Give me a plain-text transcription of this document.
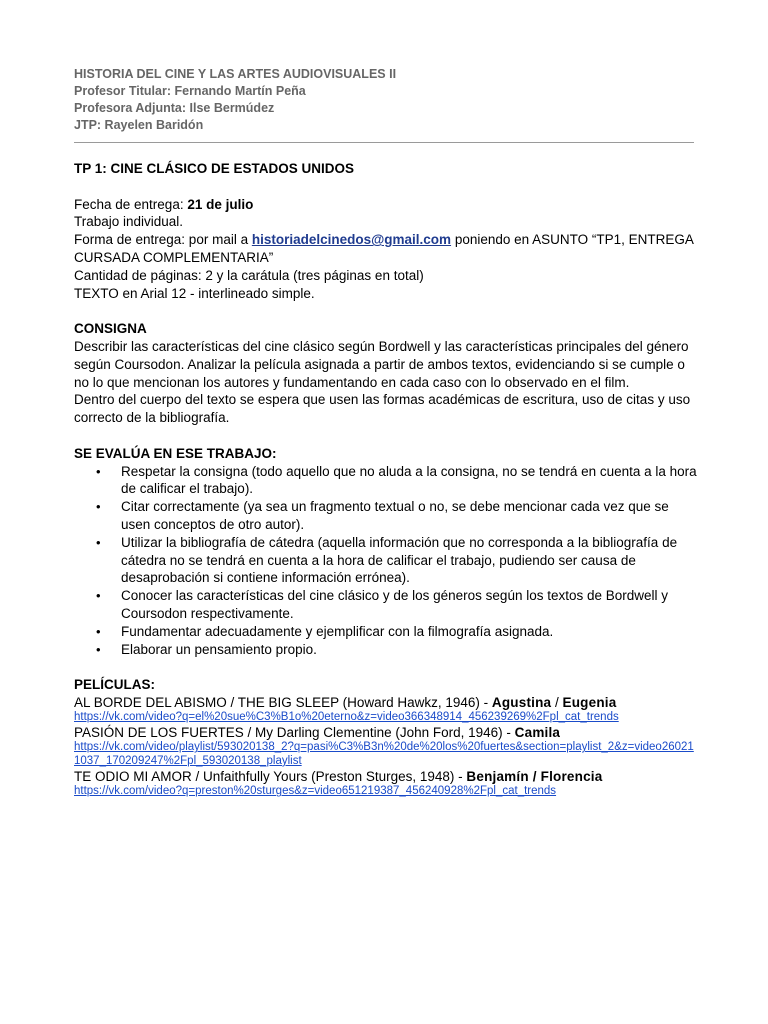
HISTORIA DEL CINE Y LAS ARTES AUDIOVISUALES II
Profesor Titular: Fernando Martín Peña
Profesora Adjunta: Ilse Bermúdez
JTP: Rayelen Baridón

TP 1: CINE CLÁSICO DE ESTADOS UNIDOS

Fecha de entrega: 21 de julio

Trabajo individual.

Forma de entrega: por mail a historiadelcinedos@gmail.com poniendo en ASUNTO “TP1, ENTREGA CURSADA COMPLEMENTARIA”

Cantidad de páginas: 2 y la carátula (tres páginas en total)

TEXTO en Arial 12 - interlineado simple.

CONSIGNA

Describir las características del cine clásico según Bordwell y las características principales del género según Coursodon. Analizar la película asignada a partir de ambos textos, evidenciando si se cumple o no lo que mencionan los autores y fundamentando en cada caso con lo observado en el film.

Dentro del cuerpo del texto se espera que usen las formas académicas de escritura, uso de citas y uso correcto de la bibliografía.

SE EVALÚA EN ESE TRABAJO:

• Respetar la consigna (todo aquello que no aluda a la consigna, no se tendrá en cuenta a la hora de calificar el trabajo).
• Citar correctamente (ya sea un fragmento textual o no, se debe mencionar cada vez que se usen conceptos de otro autor).
• Utilizar la bibliografía de cátedra (aquella información que no corresponda a la bibliografía de cátedra no se tendrá en cuenta a la hora de calificar el trabajo, pudiendo ser causa de desaprobación si contiene información errónea).
• Conocer las características del cine clásico y de los géneros según los textos de Bordwell y Coursodon respectivamente.
• Fundamentar adecuadamente y ejemplificar con la filmografía asignada.
• Elaborar un pensamiento propio.

PELÍCULAS:

AL BORDE DEL ABISMO / THE BIG SLEEP (Howard Hawkz, 1946) - Agustina / Eugenia
https://vk.com/video?q=el%20sue%C3%B1o%20eterno&z=video366348914_456239269%2Fpl_cat_trends
PASIÓN DE LOS FUERTES / My Darling Clementine (John Ford, 1946) - Camila
https://vk.com/video/playlist/593020138_2?q=pasi%C3%B3n%20de%20los%20fuertes&section=playlist_2&z=video260211037_170209247%2Fpl_593020138_playlist
TE ODIO MI AMOR / Unfaithfully Yours (Preston Sturges, 1948) - Benjamín / Florencia
https://vk.com/video?q=preston%20sturges&z=video651219387_456240928%2Fpl_cat_trends
